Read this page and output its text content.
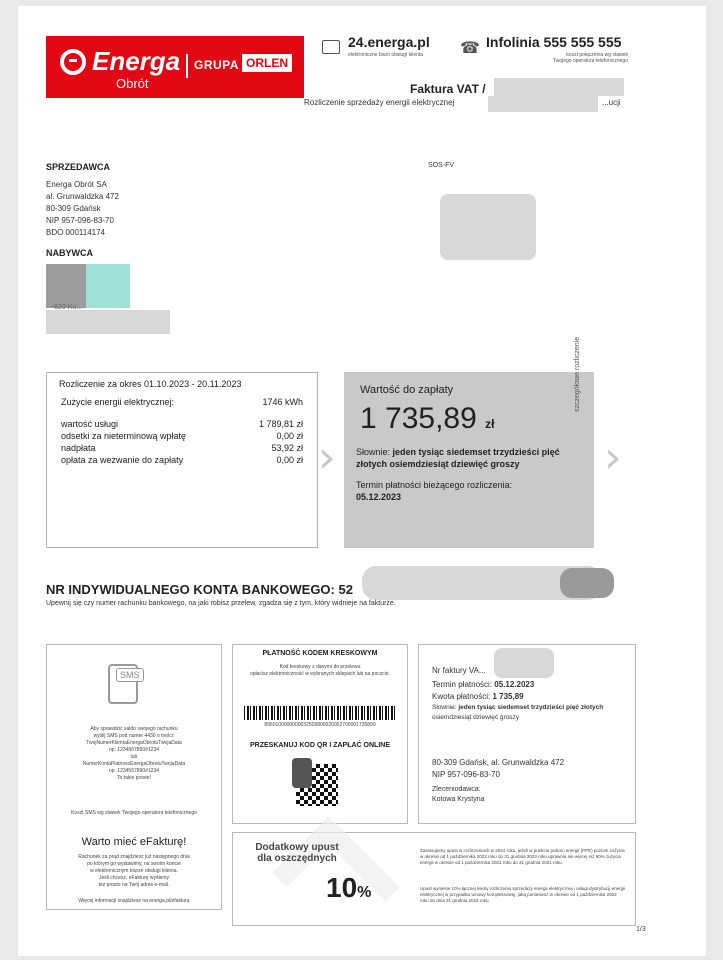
Energa
Obrót
GRUPA ORLEN
24.energa.pl
elektroniczne biuro obsługi klienta ☎ Infolinia 555 555 555
koszt połączenia wg stawek
Twojego operatora telefonicznego
Faktura VAT /
Rozliczenie sprzedaży energii elektrycznej	...ucji
SPRZEDAWCA
Energa Obrót SA
al. Grunwaldzka 472
80-309 Gdańsk
NIP 957-096-83-70
BDO 000114174
SOS-FV
NABYWCA
~820 Ko...
Rozliczenie za okres 01.10.2023 - 20.11.2023
Zużycie energii elektrycznej:	1746 kWh
wartość usługi	1 789,81 zł
odsetki za nieterminową wpłatę	0,00 zł
nadpłata	53,92 zł
opłata za wezwanie do zapłaty	0,00 zł ›
Wartość do zapłaty
1 735,89 zł
Słownie: jeden tysiąc siedemset trzydzieści pięć złotych osiemdziesiąt dziewięć groszy
Termin płatności bieżącego rozliczenia:
05.12.2023
szczegółowe rozliczenie
›
NR INDYWIDUALNEGO KONTA BANKOWEGO: 52
Upewnij się czy numer rachunku bankowego, na jaki robisz przelew, zgadza się z tym, który widnieje na fakturze.
SMS
Aby sprawdzić saldo swojego rachunku
wyślij SMS pod numer 4430 o treści:
TwojNumerKlientaEnergaObrotuTwojaData
np. 1234567890#1234
lub
NumerKontaPlatnoscEnergaObrotuTwojaData
np. 1234567890#1234
To takie proste!
Koszt SMS wg stawek Twojego operatora telefonicznego
Warto mieć eFakturę!
Rachunek za prąd znajdziesz już następnego dnia
po którym go wystawimy, na swoim koncie
w elektronicznym biurze obsługi klienta.
Jeśli chcesz, eFakturę wyślemy
też prosto na Twój adres e-mail.
Więcej informacji znajdziesz na energa.pl/efaktura
PŁATNOŚĆ KODEM KRESKOWYM
Kod kreskowy z danymi do przelewu
opłacisz elektroniczność w wybranych sklepach lub na poczcie.
8960100000000032509800020002700001735890
PRZESKANUJ KOD QR I ZAPŁAĆ ONLINE
Nr faktury VA...
Termin płatności: 05.12.2023
Kwota płatności: 1 735,89
Słownie: jeden tysiąc siedemset trzydzieści pięć złotych
osiemdziesiąt dziewięć groszy
80-309 Gdańsk, al. Grunwaldzka 472
NIP 957-096-83-70
Zleceniodawca:
Kotowa Krystyna
Dodatkowy upust dla oszczędnych
10%
Zastosujemy upust w rozliczeniach w 2024 roku, jeżeli w punkcie poboru energii (PPE) poziom zużycia w okresie od 1 października 2022 roku do 31 grudnia 2023 roku uprawnia nie więcej niż 90% zużycia energii w okresie od 1 października 2021 roku do 31 grudnia 2021 roku.
Upust wyniesie 10% łącznej kwoty rozliczenia sprzedaży energii elektrycznej i usługi dystrybucji energii elektrycznej w przypadku umowy kompleksowej, jaką poniesiesz w okresie od 1 października 2022 roku do dnia 31 grudnia 2023 roku.
1/3
